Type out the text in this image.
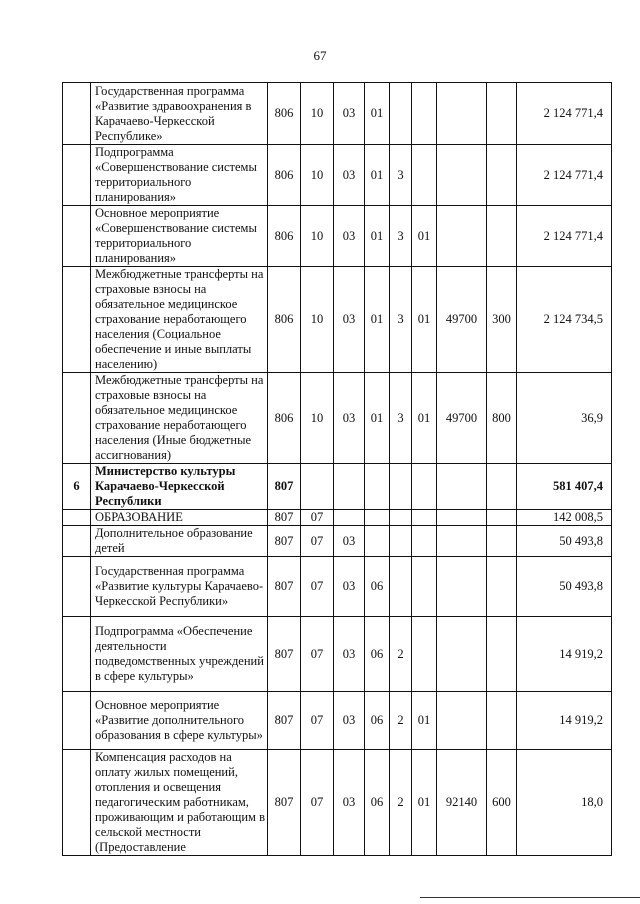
67
	Государственная программа «Развитие здравоохранения в Карачаево-Черкесской Республике»	806	10	03	01					2 124 771,4
	Подпрограмма «Совершенствование системы территориального планирования»	806	10	03	01	3				2 124 771,4
	Основное мероприятие «Совершенствование системы территориального планирования»	806	10	03	01	3	01			2 124 771,4
	Межбюджетные трансферты на страховые взносы на обязательное медицинское страхование неработающего населения (Социальное обеспечение и иные выплаты населению)	806	10	03	01	3	01	49700	300	2 124 734,5
	Межбюджетные трансферты на страховые взносы на обязательное медицинское страхование неработающего населения (Иные бюджетные ассигнования)	806	10	03	01	3	01	49700	800	36,9
6	Министерство культуры Карачаево-Черкесской Республики	807								581 407,4
	ОБРАЗОВАНИЕ	807	07							142 008,5
	Дополнительное образование детей	807	07	03						50 493,8
	Государственная программа «Развитие культуры Карачаево-Черкесской Республики»	807	07	03	06					50 493,8
	Подпрограмма «Обеспечение деятельности подведомственных учреждений в сфере культуры»	807	07	03	06	2				14 919,2
	Основное мероприятие «Развитие дополнительного образования в сфере культуры»	807	07	03	06	2	01			14 919,2
	Компенсация расходов на оплату жилых помещений, отопления и освещения педагогическим работникам, проживающим и работающим в сельской местности (Предоставление	807	07	03	06	2	01	92140	600	18,0
